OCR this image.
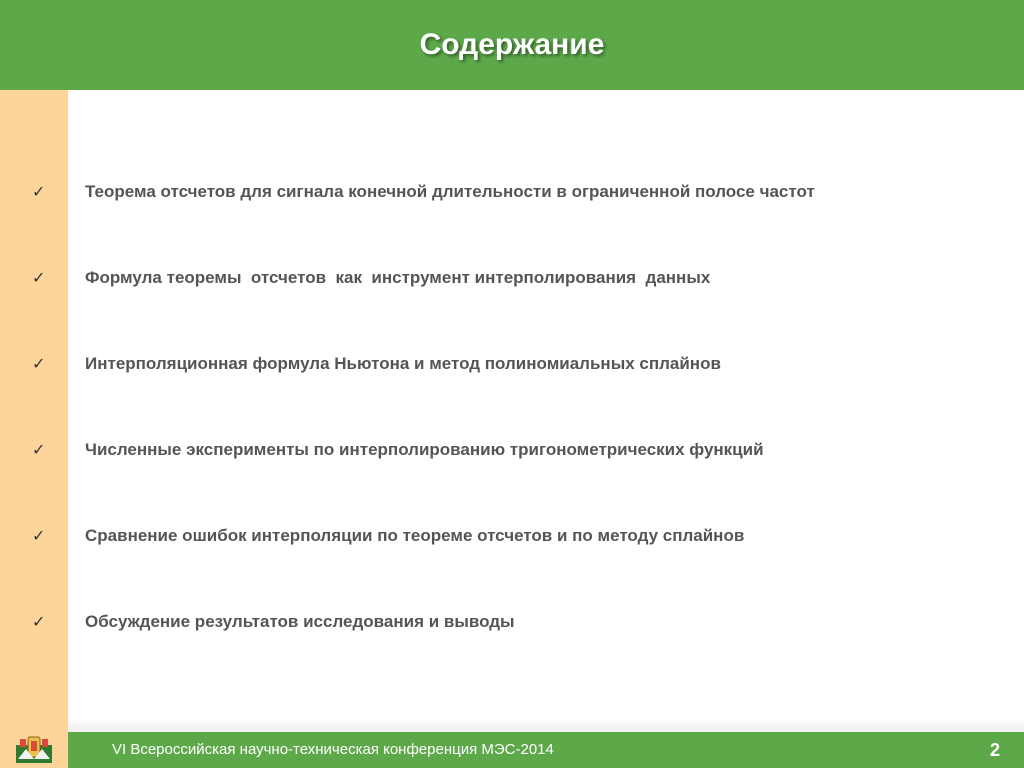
Содержание
✓ Теорема отсчетов для сигнала конечной длительности в ограниченной полосе частот
✓ Формула теоремы  отсчетов  как  инструмент интерполирования  данных
✓ Интерполяционная формула Ньютона и метод полиномиальных сплайнов
✓ Численные эксперименты по интерполированию тригонометрических функций
✓ Сравнение ошибок интерполяции по теореме отсчетов и по методу сплайнов
✓ Обсуждение результатов исследования и выводы
VI Всероссийская научно-техническая конференция МЭС-2014	2
